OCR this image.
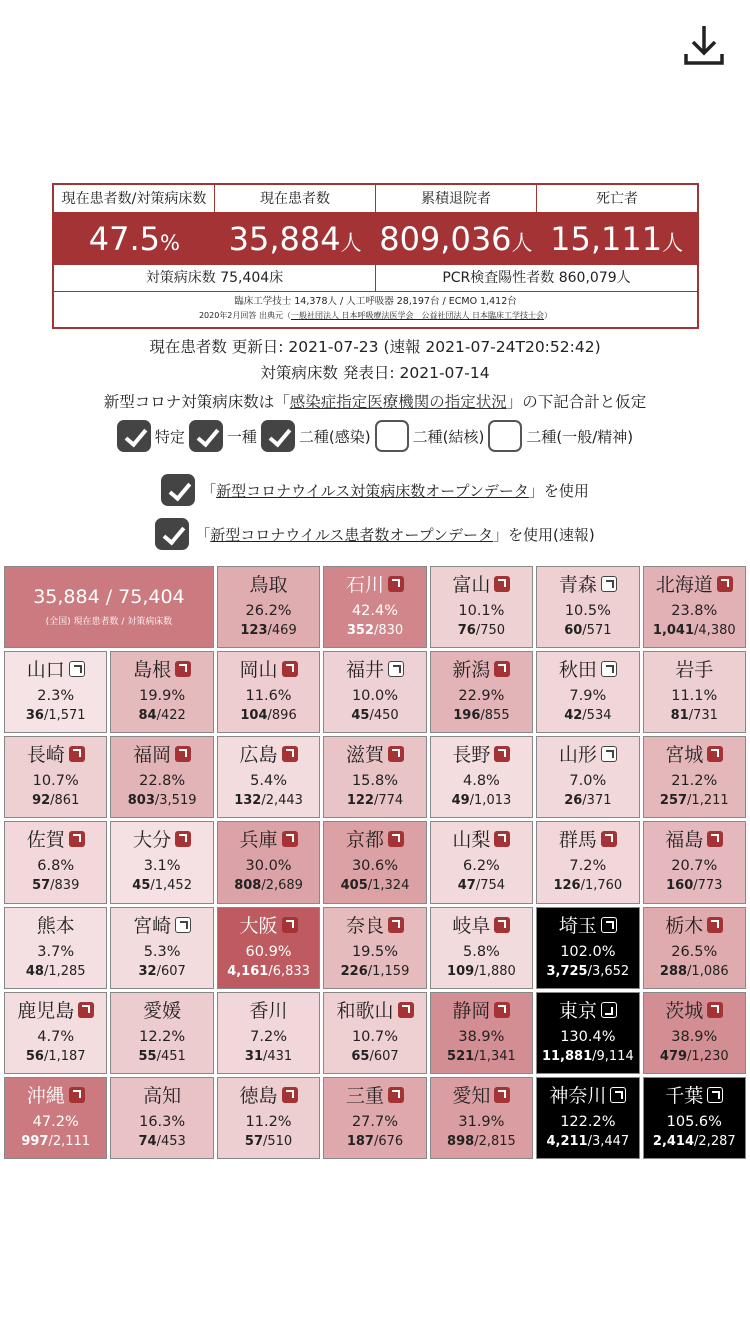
現在患者数/対策病床数	現在患者数	累積退院者	死亡者
47.5%	35,884人 809,036人 15,111人
対策病床数 75,404床	PCR検査陽性者数 860,079人
臨床工学技士 14,378人 / 人工呼吸器 28,197台 / ECMO 1,412台
2020年2月回答 出典元（一般社団法人 日本呼吸療法医学会　公益社団法人 日本臨床工学技士会）
現在患者数 更新日: 2021-07-23 (速報 2021-07-24T20:52:42)
対策病床数 発表日: 2021-07-14
新型コロナ対策病床数は「感染症指定医療機関の指定状況」の下記合計と仮定
特定	一種	二種(感染)	二種(結核)	二種(一般/精神)
「新型コロナウイルス対策病床数オープンデータ」を使用
「新型コロナウイルス患者数オープンデータ」を使用(速報)
35,884 / 75,404
(全国) 現在患者数 / 対策病床数
鳥取
26.2%
123/469
石川
42.4%
352/830
富山
10.1%
76/750
青森
10.5%
60/571
北海道
23.8%
1,041/4,380
山口
2.3%
36/1,571
島根
19.9%
84/422
岡山
11.6%
104/896
福井
10.0%
45/450
新潟
22.9%
196/855
秋田
7.9%
42/534
岩手
11.1%
81/731
長崎
10.7%
92/861
福岡
22.8%
803/3,519
広島
5.4%
132/2,443
滋賀
15.8%
122/774
長野
4.8%
49/1,013
山形
7.0%
26/371
宮城
21.2%
257/1,211
佐賀
6.8%
57/839
大分
3.1%
45/1,452
兵庫
30.0%
808/2,689
京都
30.6%
405/1,324
山梨
6.2%
47/754
群馬
7.2%
126/1,760
福島
20.7%
160/773
熊本
3.7%
48/1,285
宮崎
5.3%
32/607
大阪
60.9%
4,161/6,833
奈良
19.5%
226/1,159
岐阜
5.8%
109/1,880
埼玉
102.0%
3,725/3,652
栃木
26.5%
288/1,086
鹿児島
4.7%
56/1,187
愛媛
12.2%
55/451
香川
7.2%
31/431
和歌山
10.7%
65/607
静岡
38.9%
521/1,341
東京
130.4%
11,881/9,114
茨城
38.9%
479/1,230
沖縄
47.2%
997/2,111
高知
16.3%
74/453
徳島
11.2%
57/510
三重
27.7%
187/676
愛知
31.9%
898/2,815
神奈川
122.2%
4,211/3,447
千葉
105.6%
2,414/2,287
